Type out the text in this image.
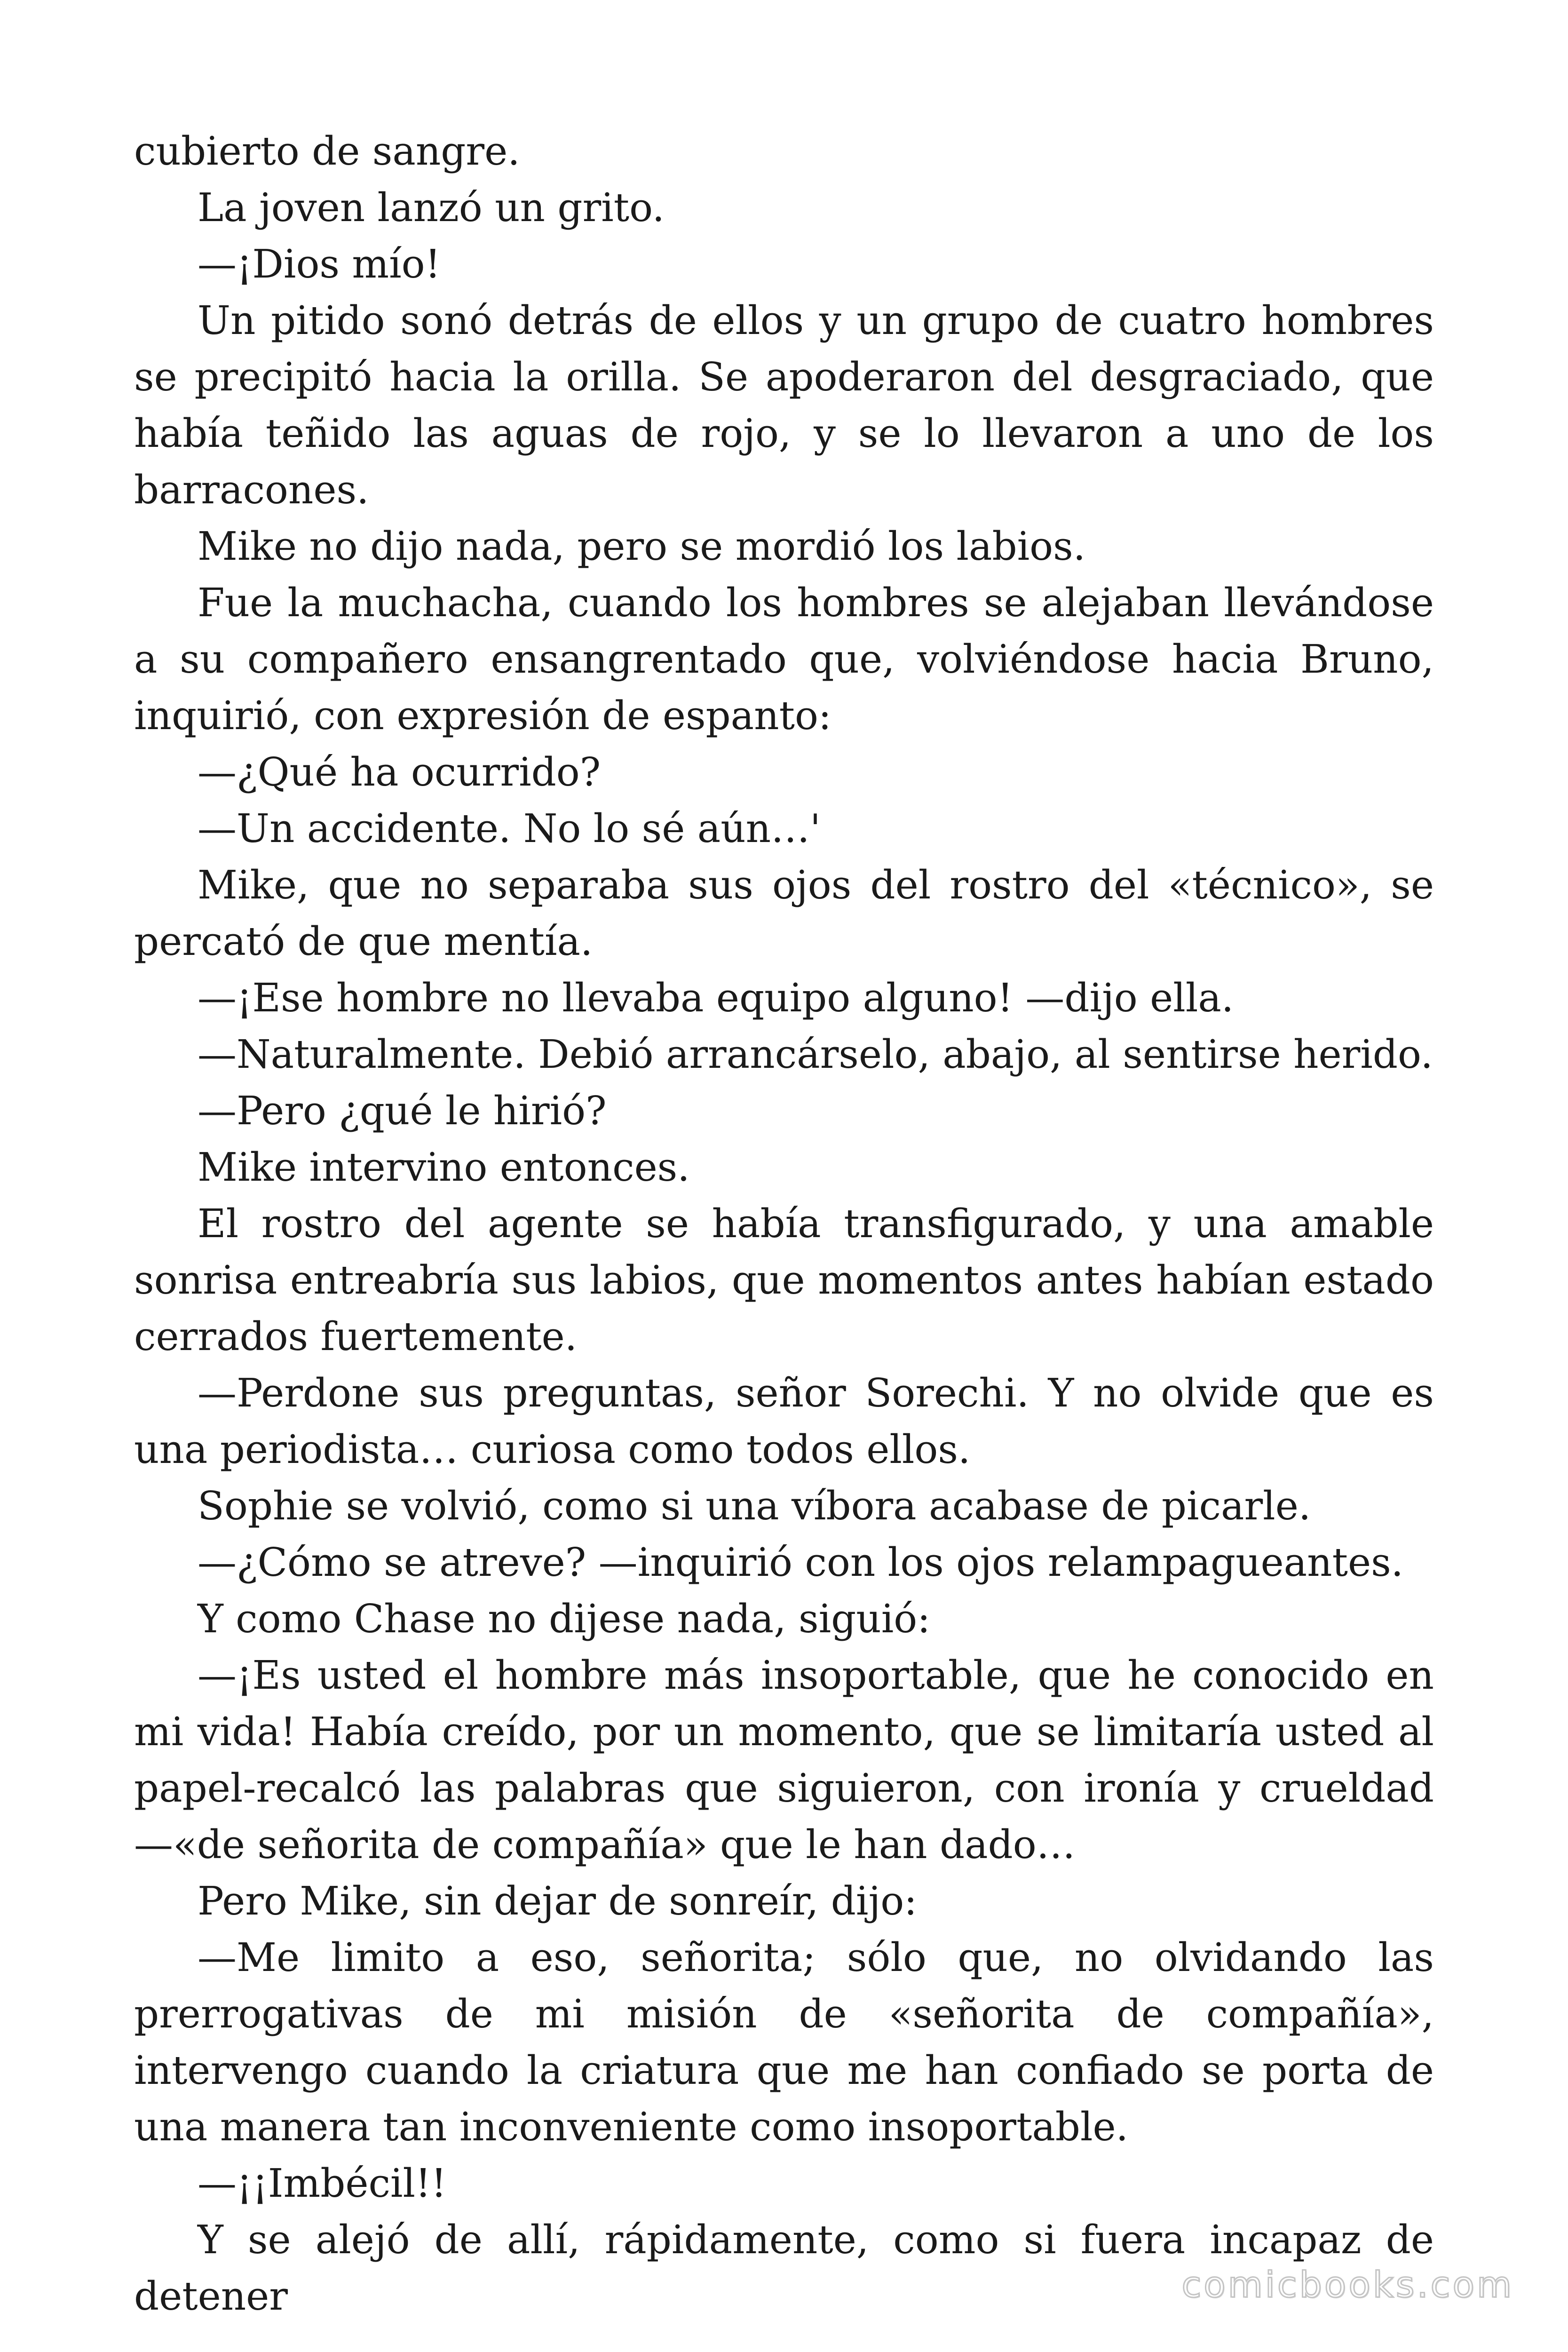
cubierto de sangre.

La joven lanzó un grito.

—¡Dios mío!

Un pitido sonó detrás de ellos y un grupo de cuatro hombres se precipitó hacia la orilla. Se apoderaron del desgraciado, que había teñido las aguas de rojo, y se lo llevaron a uno de los barracones.

Mike no dijo nada, pero se mordió los labios.

Fue la muchacha, cuando los hombres se alejaban llevándose a su compañero ensangrentado que, volviéndose hacia Bruno, inquirió, con expresión de espanto:

—¿Qué ha ocurrido?

—Un accidente. No lo sé aún…'

Mike, que no separaba sus ojos del rostro del «técnico», se percató de que mentía.

—¡Ese hombre no llevaba equipo alguno! —dijo ella.

—Naturalmente. Debió arrancárselo, abajo, al sentirse herido.

—Pero ¿qué le hirió?

Mike intervino entonces.

El rostro del agente se había transfigurado, y una amable sonrisa entreabría sus labios, que momentos antes habían estado cerrados fuertemente.

—Perdone sus preguntas, señor Sorechi. Y no olvide que es una periodista… curiosa como todos ellos.

Sophie se volvió, como si una víbora acabase de picarle.

—¿Cómo se atreve? —inquirió con los ojos relampagueantes.

Y como Chase no dijese nada, siguió:

—¡Es usted el hombre más insoportable, que he conocido en mi vida! Había creído, por un momento, que se limitaría usted al papel-recalcó las palabras que siguieron, con ironía y crueldad —«de señorita de compañía» que le han dado…

Pero Mike, sin dejar de sonreír, dijo:

—Me limito a eso, señorita; sólo que, no olvidando las prerrogativas de mi misión de «señorita de compañía», intervengo cuando la criatura que me han confiado se porta de una manera tan inconveniente como insoportable.

—¡¡Imbécil!!

Y se alejó de allí, rápidamente, como si fuera incapaz de detener	comicbooks.com
